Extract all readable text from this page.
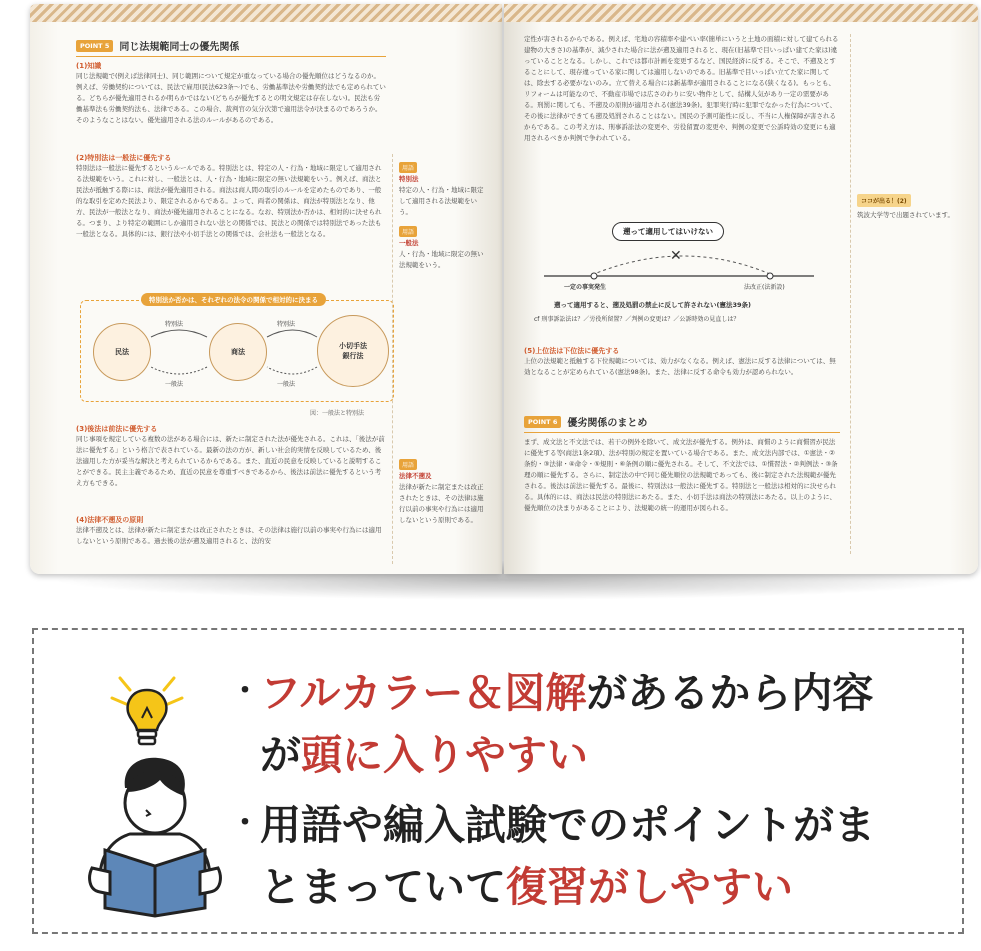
POINT 5	同じ法規範同士の優先関係
(1)知識
同じ法規範で(例えば法律同士)、同じ範囲について規定が重なっている場合の優先順位はどうなるのか。例えば、労働契約については、民法で雇用(民法623条〜)でも、労働基準法や労働契約法でも定められている。どちらが優先適用されるか明らかではない(どちらが優先するとの明文規定は存在しない)。民法も労働基準法も労働契約法も、法律である。この場合、裁判官の気分次第で適用法令が決まるのであろうか。そのようなことはない。優先適用される法のルールがあるのである。
(2)特別法は一般法に優先する
特別法は一般法に優先するというルールである。特別法とは、特定の人・行為・地域に限定して適用される法規範をいう。これに対し、一般法とは、人・行為・地域に限定の無い法規範をいう。例えば、商法と民法が抵触する際には、商法が優先適用される。商法は商人間の取引のルールを定めたものであり、一般的な取引を定めた民法より、限定されるからである。よって、両者の関係は、商法が特別法となり、他方、民法が一般法となり、商法が優先適用されることになる。なお、特別法か否かは、相対的に決せられる。つまり、より特定の範囲にしか適用されない法との関係では、民法との関係では特別法であった法も一般法となる。具体的には、銀行法や小切手法との関係では、会社法も一般法となる。
特別法か否かは、それぞれの法令の関係で相対的に決まる
民法	商法
小切手法
銀行法
特別法	特別法
一般法	一般法
図：一般法と特別法
(3)後法は前法に優先する
同じ事項を規定している複数の法がある場合には、新たに制定された法が優先される。これは、「後法が前法に優先する」という格言で表されている。最新の法の方が、新しい社会的実情を反映しているため、後法適用した方が妥当な解決と考えられているからである。また、直近の民意を反映していると説明することができる。民主主義であるため、直近の民意を尊重すべきであるから、後法は前法に優先するという考え方もできる。
(4)法律不遡及の原則
法律不遡及とは、法律が新たに制定または改正されたときは、その法律は施行以前の事実や行為には適用しないという原則である。過去後の法が遡及適用されると、法的安
用語
特別法
特定の人・行為・地域に限定して適用される法規範をいう。
用語
一般法
人・行為・地域に限定の無い法規範をいう。
用語
法律不遡及
法律が新たに制定または改正されたときは、その法律は施行以前の事実や行為には適用しないという原則である。
定性が害されるからである。例えば、宅地の容積率や建ぺい率(簡単にいうと土地の面積に対して建てられる建物の大きさ)の基準が、減少された場合に法が遡及適用されると、現在(旧基準で目いっぱい建てた家は)違っていることとなる。しかし、これでは都市計画を変更するなど、国民経済に反する。そこで、不遡及とすることにして、現存違っている家に関しては適用しないのである。旧基準で目いっぱい立てた家に関しては、除去する必要がないのみ。立て替える場合には新基準が適用されることになる(狭くなる)。もっとも、リフォームは可能なので、不動産市場では広さのわりに安い物件として、結構人気があり一定の需要がある。刑罰に関しても、不遡及の原則が適用される(憲法39条)。犯罪実行時に犯罪でなかった行為について、その後に法律ができても遡及処罰されることはない。国民の予測可能性に反し、不当に人権保障が害されるからである。この考え方は、刑事訴訟法の変更や、労役留置の変更や、判例の変更で公訴時効の変更にも適用されるべきか判例で争われている。
遡って適用してはいけない
✕
一定の事実発生	法改正(法新設)
遡って適用すると、遡及処罰の禁止に反して許されない(憲法39条)
cf 刑事訴訟法は？／労役所留置？／判例の変更は？／公訴時効の見直しは？
(5)上位法は下位法に優先する
上位の法規範と抵触する下位規範については、効力がなくなる。例えば、憲法に反する法律については、無効となることが定められている(憲法98条)。また、法律に反する命令も効力が認められない。
POINT 6	優劣関係のまとめ
まず、成文法と不文法では、若干の例外を除いて、成文法が優先する。例外は、商慣のように商慣習が民法に優先する等(商法1条2項)、法が特別の規定を置いている場合である。また、成文法内部では、①憲法・②条約・③法律・④命令・⑤規則・⑥条例の順に優先される。そして、不文法では、①慣習法・②判例法・③条理の順に優先する。さらに、制定法の中で同じ優先順位の法規範であっても、後に制定された法規範が優先される。後法は前法に優先する。最後に、特別法は一般法に優先する。特別法と一般法は相対的に決せられる。具体的には、商法は民法の特別法にあたる。また、小切手法は商法の特別法にあたる。以上のように、優先順位の決まりがあることにより、法規範の統一的運用が図られる。
ココが出る！(2)
筑波大学等で出題されています。
・フルカラー＆図解があるから内容
が頭に入りやすい
・用語や編入試験でのポイントがま
とまっていて復習がしやすい
